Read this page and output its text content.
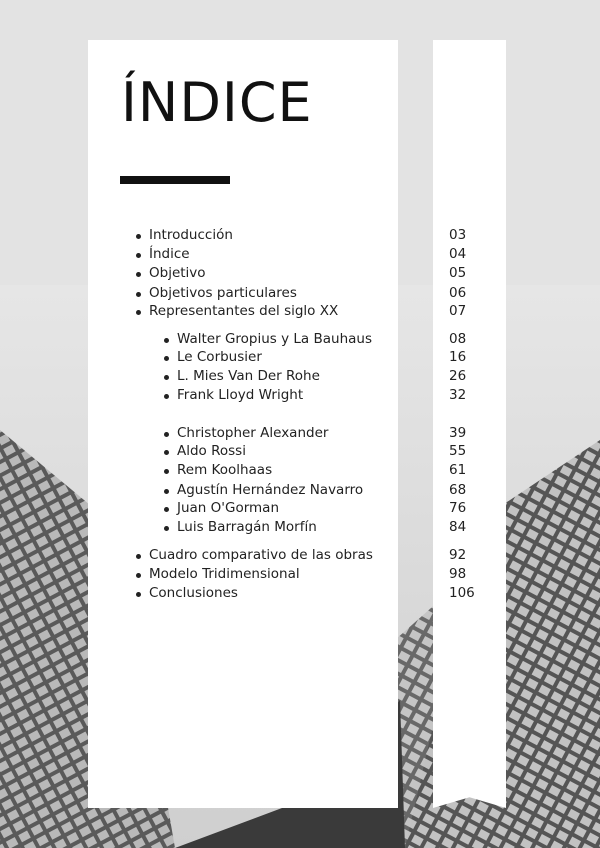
ÍNDICE
Introducción	03
Índice	04
Objetivo	05
Objetivos particulares	06
Representantes del siglo XX	07
Walter Gropius y La Bauhaus	08
Le Corbusier	16
L. Mies Van Der Rohe	26
Frank Lloyd Wright	32
Christopher Alexander	39
Aldo Rossi	55
Rem Koolhaas	61
Agustín Hernández Navarro	68
Juan O'Gorman	76
Luis Barragán Morfín	84
Cuadro comparativo de las obras	92
Modelo Tridimensional	98
Conclusiones	106
